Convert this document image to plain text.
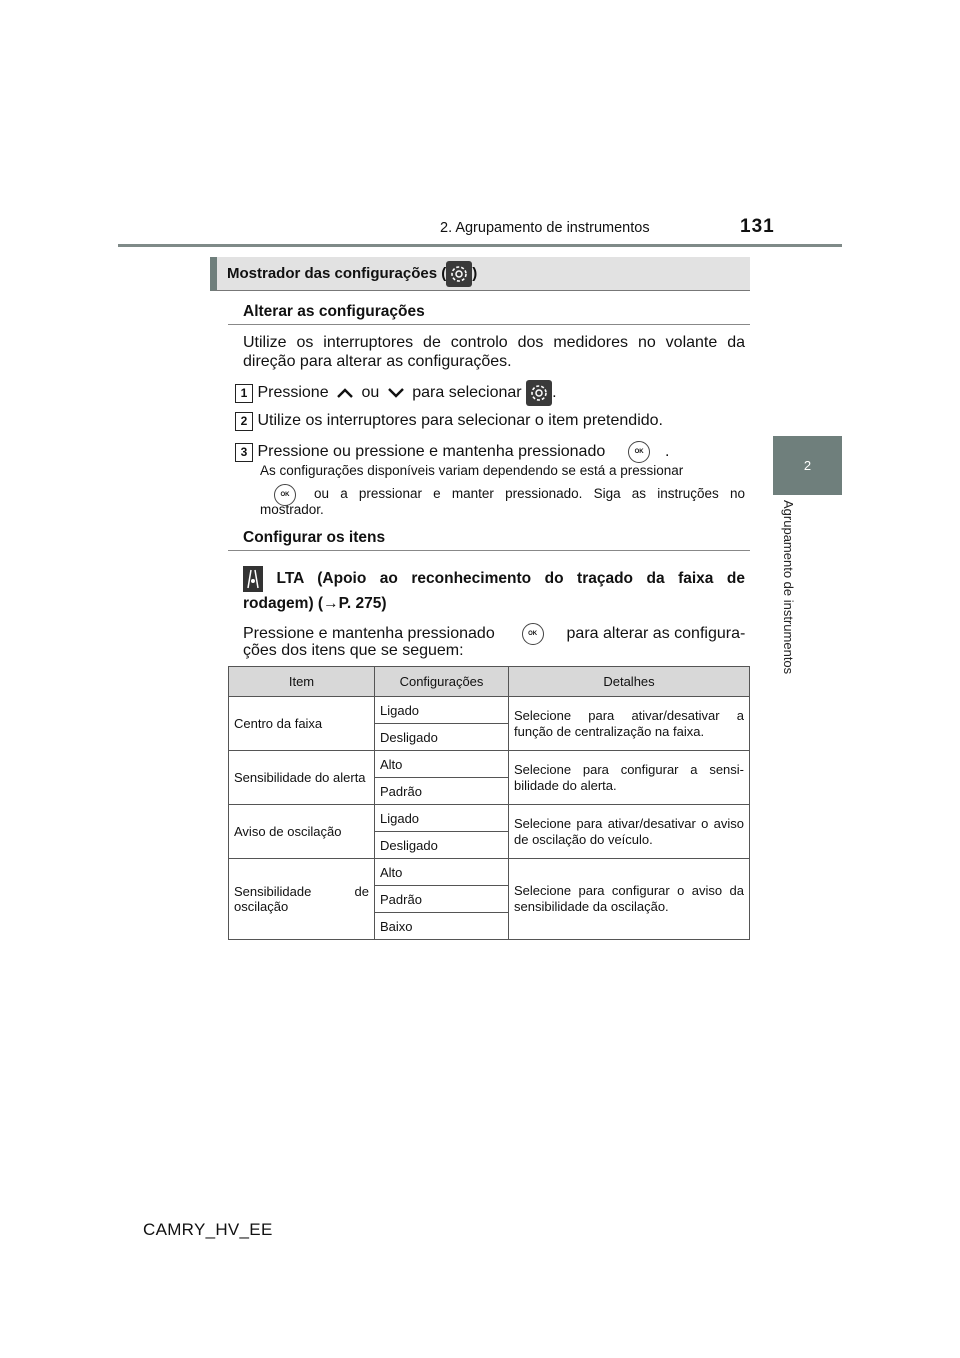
2. Agrupamento de instrumentos	131
2
Agrupamento de instrumentos
Mostrador das configurações ( )
Alterar as configurações
Utilize os interruptores de controlo dos medidores no volante da direção para alterar as configurações.
1 Pressione ou para selecionar .
2 Utilize os interruptores para selecionar o item pretendido.
3 Pressione ou pressione e mantenha pressionado	OK .
As configurações disponíveis variam dependendo se está a pressionar
OK	ou a pressionar e manter pressionado. Siga as instruções no mostrador.
Configurar os itens
LTA (Apoio ao reconhecimento do traçado da faixa de
rodagem) (→P. 275)
Pressione e mantenha pressionado	OK para alterar as configura-
ções dos itens que se seguem:
Item	Configurações	Detalhes
Centro da faixa	Ligado	Selecione para ativar/desativar a função de centralização na faixa.
	Desligado	
Sensibilidade do alerta	Alto	Selecione para configurar a sensi-bilidade do alerta.
	Padrão	
Aviso de oscilação	Ligado	Selecione para ativar/desativar o aviso de oscilação do veículo.
	Desligado	
Sensibilidade de oscilação	Alto	Selecione para configurar o aviso da sensibilidade da oscilação.
	Padrão	
	Baixo	
CAMRY_HV_EE
